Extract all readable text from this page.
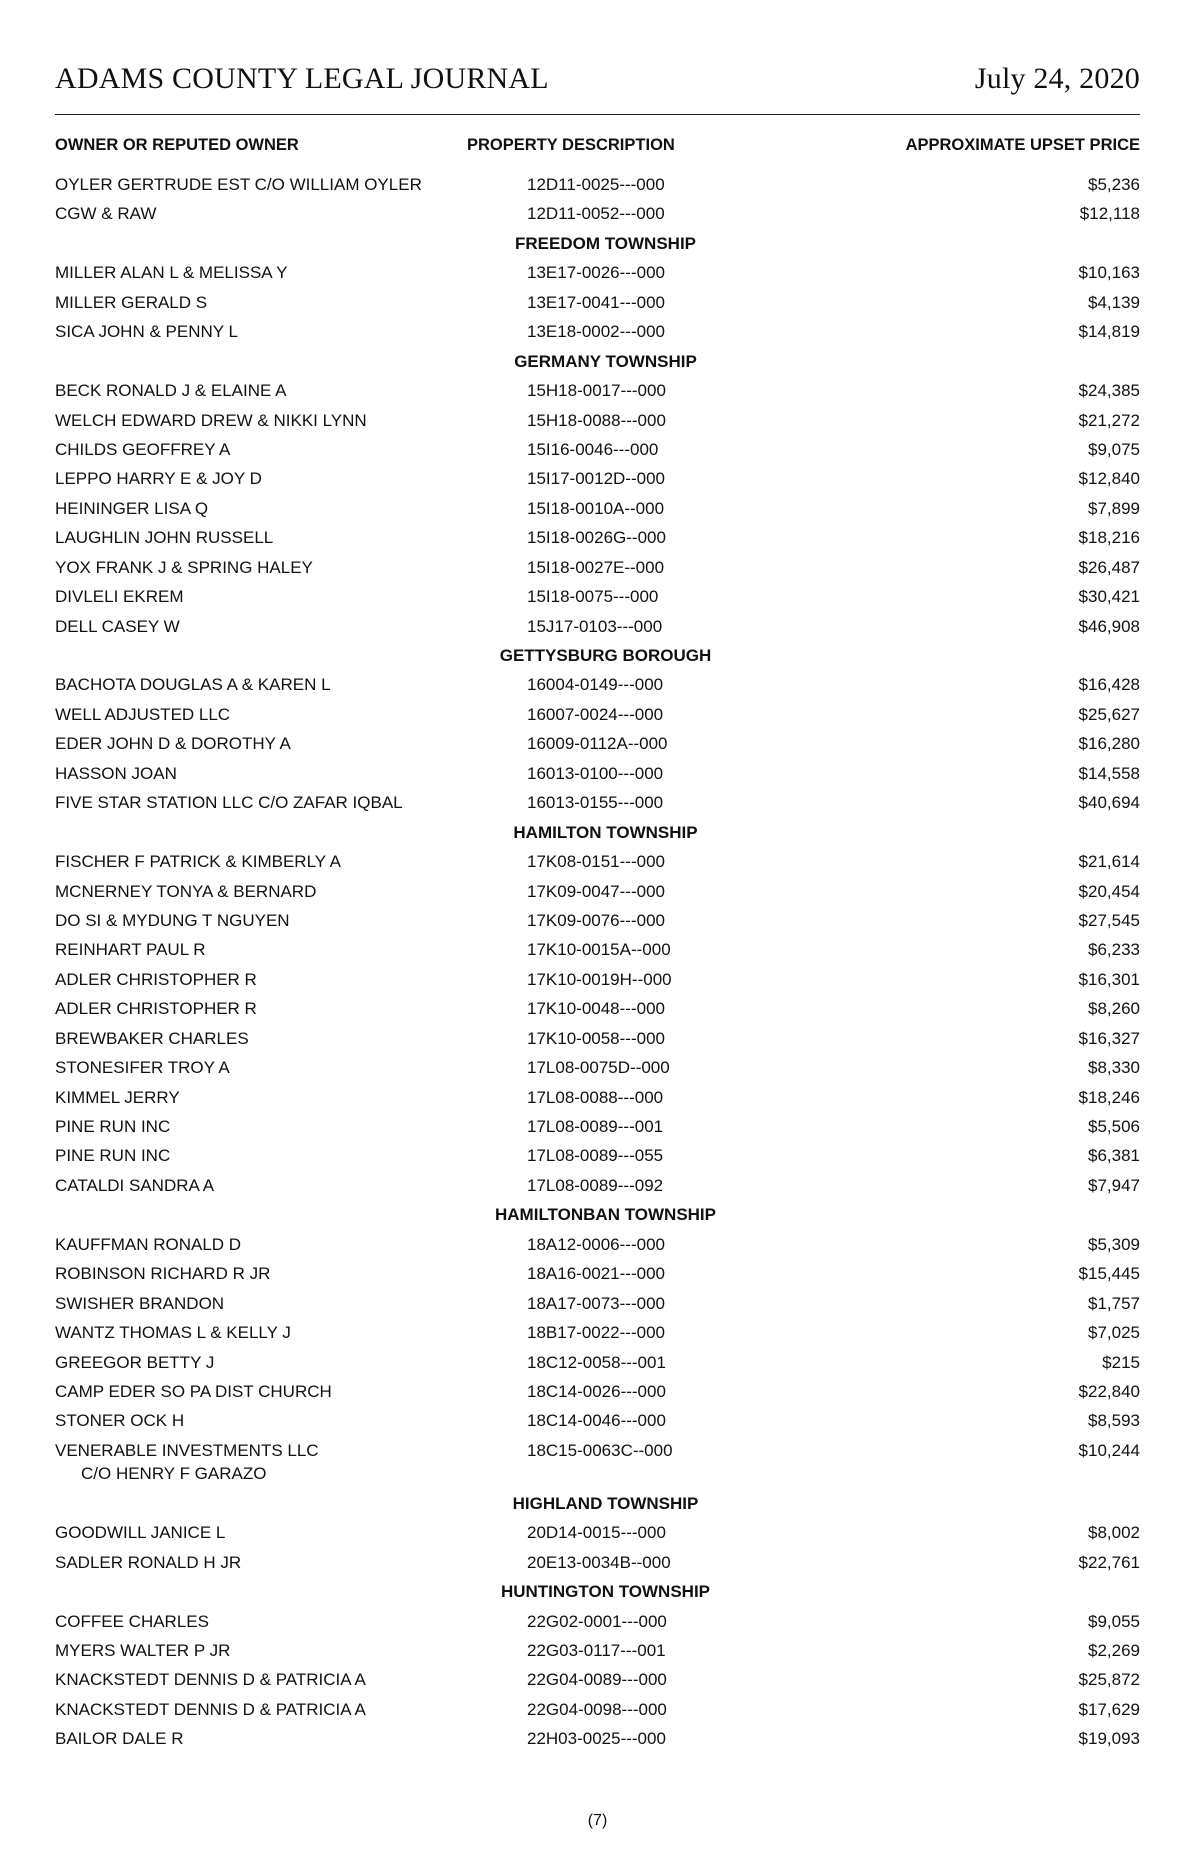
ADAMS COUNTY LEGAL JOURNAL	July 24, 2020
OWNER OR REPUTED OWNER	PROPERTY DESCRIPTION	APPROXIMATE UPSET PRICE
OYLER GERTRUDE EST C/O WILLIAM OYLER	12D11-0025---000	$5,236
CGW & RAW	12D11-0052---000	$12,118
FREEDOM TOWNSHIP
MILLER ALAN L & MELISSA Y	13E17-0026---000	$10,163
MILLER GERALD S	13E17-0041---000	$4,139
SICA JOHN & PENNY L	13E18-0002---000	$14,819
GERMANY TOWNSHIP
BECK RONALD J & ELAINE A	15H18-0017---000	$24,385
WELCH EDWARD DREW & NIKKI LYNN	15H18-0088---000	$21,272
CHILDS GEOFFREY A	15I16-0046---000	$9,075
LEPPO HARRY E & JOY D	15I17-0012D--000	$12,840
HEININGER LISA Q	15I18-0010A--000	$7,899
LAUGHLIN JOHN RUSSELL	15I18-0026G--000	$18,216
YOX FRANK J & SPRING HALEY	15I18-0027E--000	$26,487
DIVLELI EKREM	15I18-0075---000	$30,421
DELL CASEY W	15J17-0103---000	$46,908
GETTYSBURG BOROUGH
BACHOTA DOUGLAS A & KAREN L	16004-0149---000	$16,428
WELL ADJUSTED LLC	16007-0024---000	$25,627
EDER JOHN D & DOROTHY A	16009-0112A--000	$16,280
HASSON JOAN	16013-0100---000	$14,558
FIVE STAR STATION LLC C/O ZAFAR IQBAL	16013-0155---000	$40,694
HAMILTON TOWNSHIP
FISCHER F PATRICK & KIMBERLY A	17K08-0151---000	$21,614
MCNERNEY TONYA & BERNARD	17K09-0047---000	$20,454
DO SI & MYDUNG T NGUYEN	17K09-0076---000	$27,545
REINHART PAUL R	17K10-0015A--000	$6,233
ADLER CHRISTOPHER R	17K10-0019H--000	$16,301
ADLER CHRISTOPHER R	17K10-0048---000	$8,260
BREWBAKER CHARLES	17K10-0058---000	$16,327
STONESIFER TROY A	17L08-0075D--000	$8,330
KIMMEL JERRY	17L08-0088---000	$18,246
PINE RUN INC	17L08-0089---001	$5,506
PINE RUN INC	17L08-0089---055	$6,381
CATALDI SANDRA A	17L08-0089---092	$7,947
HAMILTONBAN TOWNSHIP
KAUFFMAN RONALD D	18A12-0006---000	$5,309
ROBINSON RICHARD R JR	18A16-0021---000	$15,445
SWISHER BRANDON	18A17-0073---000	$1,757
WANTZ THOMAS L & KELLY J	18B17-0022---000	$7,025
GREEGOR BETTY J	18C12-0058---001	$215
CAMP EDER SO PA DIST CHURCH	18C14-0026---000	$22,840
STONER OCK H	18C14-0046---000	$8,593
VENERABLE INVESTMENTS LLC	18C15-0063C--000	$10,244
C/O HENRY F GARAZO
HIGHLAND TOWNSHIP
GOODWILL JANICE L	20D14-0015---000	$8,002
SADLER RONALD H JR	20E13-0034B--000	$22,761
HUNTINGTON TOWNSHIP
COFFEE CHARLES	22G02-0001---000	$9,055
MYERS WALTER P JR	22G03-0117---001	$2,269
KNACKSTEDT DENNIS D & PATRICIA A	22G04-0089---000	$25,872
KNACKSTEDT DENNIS D & PATRICIA A	22G04-0098---000	$17,629
BAILOR DALE R	22H03-0025---000	$19,093
(7)
